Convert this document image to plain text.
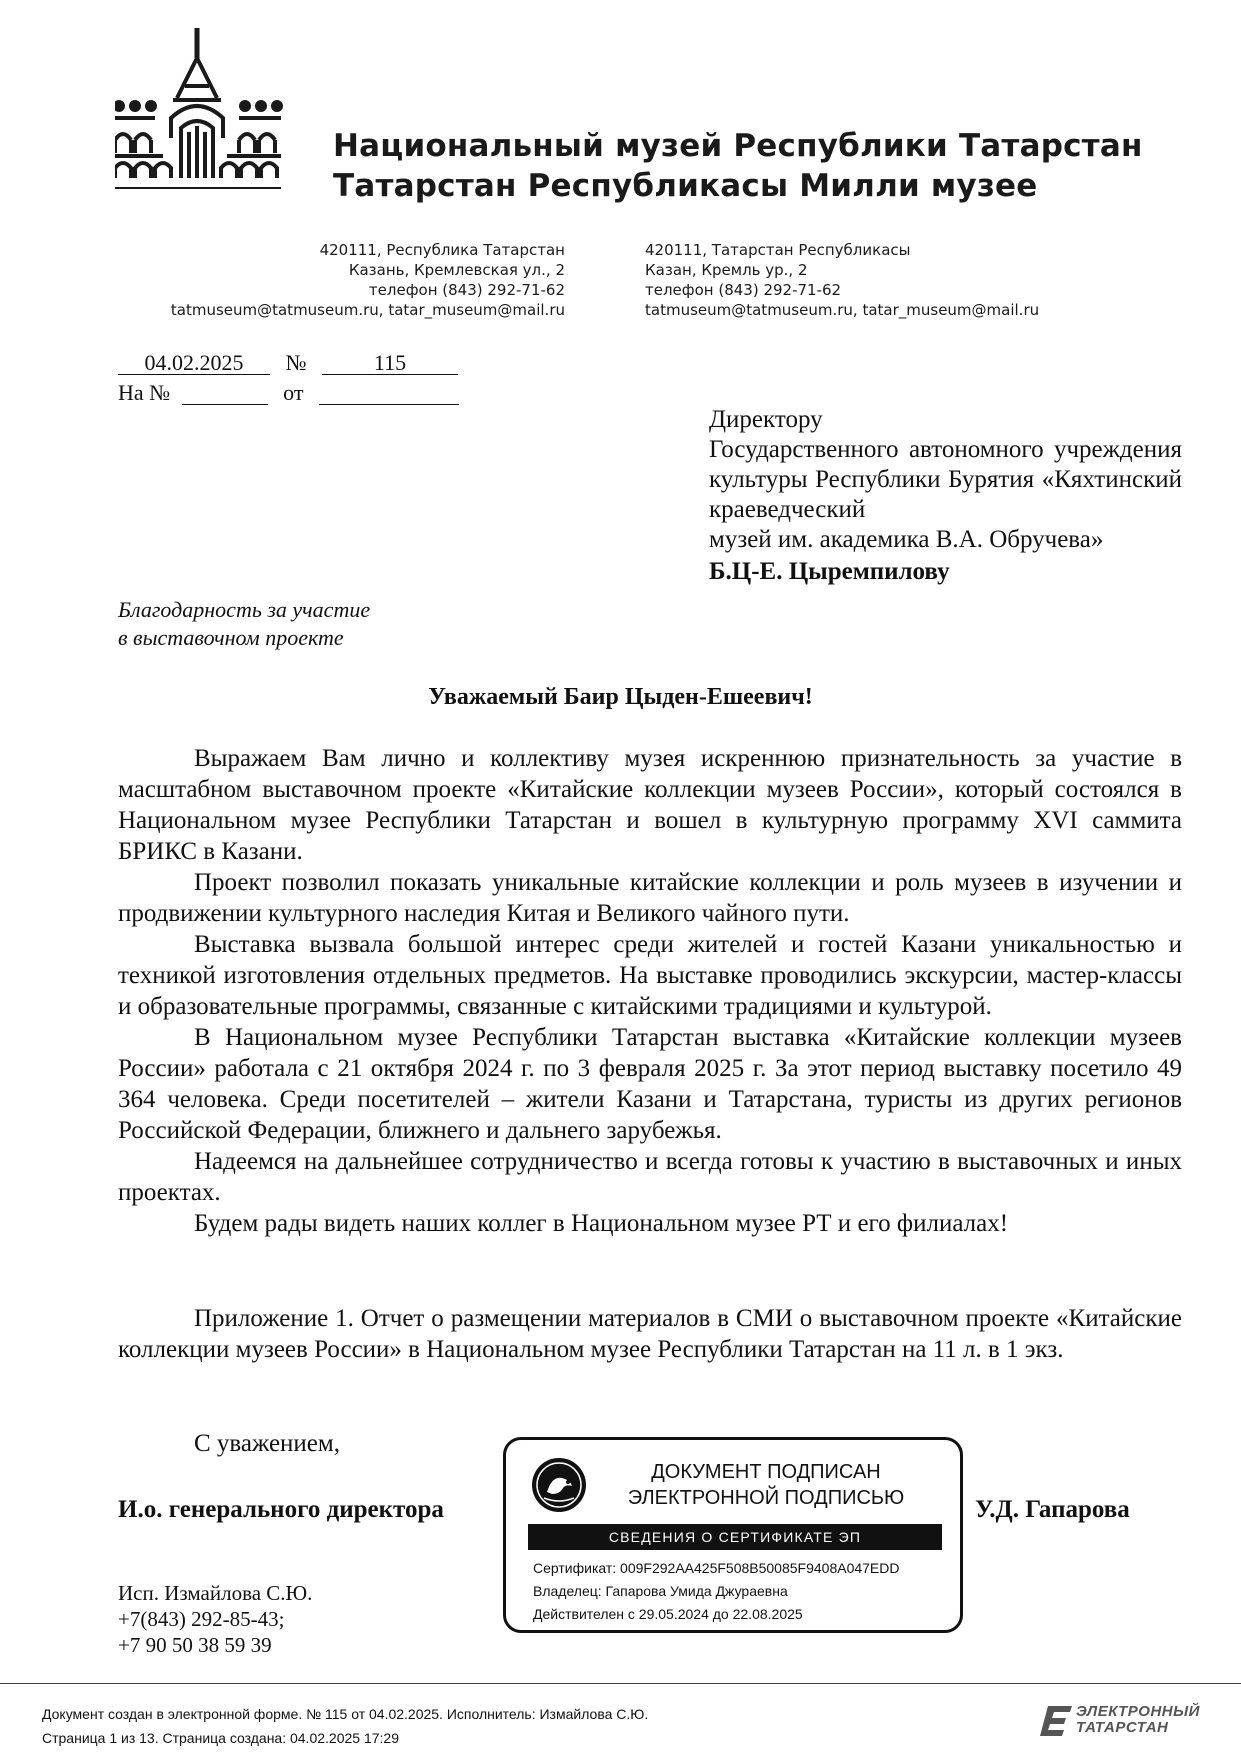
Национальный музей Республики Татарстан
Татарстан Республикасы Милли музее
420111, Республика Татарстан
Казань, Кремлевская ул., 2
телефон (843) 292-71-62
tatmuseum@tatmuseum.ru, tatar_museum@mail.ru
420111, Татарстан Республикасы
Казан, Кремль ур., 2
телефон (843) 292-71-62
tatmuseum@tatmuseum.ru, tatar_museum@mail.ru
04.02.2025 №	115
На №	от
Директору
Государственного автономного учреждения культуры Республики Бурятия «Кяхтинский краеведческий
музей им. академика В.А. Обручева»
Б.Ц-Е. Цыремпилову
Благодарность за участие
в выставочном проекте
Уважаемый Баир Цыден-Ешеевич!

Выражаем Вам лично и коллективу музея искреннюю признательность за участие в масштабном выставочном проекте «Китайские коллекции музеев России», который состоялся в Национальном музее Республики Татарстан и вошел в культурную программу XVI саммита БРИКС в Казани.

Проект позволил показать уникальные китайские коллекции и роль музеев в изучении и продвижении культурного наследия Китая и Великого чайного пути.

Выставка вызвала большой интерес среди жителей и гостей Казани уникальностью и техникой изготовления отдельных предметов. На выставке проводились экскурсии, мастер-классы и образовательные программы, связанные с китайскими традициями и культурой.

В Национальном музее Республики Татарстан выставка «Китайские коллекции музеев России» работала с 21 октября 2024 г. по 3 февраля 2025 г. За этот период выставку посетило 49 364 человека. Среди посетителей – жители Казани и Татарстана, туристы из других регионов Российской Федерации, ближнего и дальнего зарубежья.

Надеемся на дальнейшее сотрудничество и всегда готовы к участию в выставочных и иных проектах.

Будем рады видеть наших коллег в Национальном музее РТ и его филиалах!

Приложение 1. Отчет о размещении материалов в СМИ о выставочном проекте «Китайские коллекции музеев России» в Национальном музее Республики Татарстан на 11 л. в 1 экз.

С уважением,
И.о. генерального директора	У.Д. Гапарова
ДОКУМЕНТ ПОДПИСАН
ЭЛЕКТРОННОЙ ПОДПИСЬЮ
СВЕДЕНИЯ О СЕРТИФИКАТЕ ЭП
Сертификат: 009F292AA425F508B50085F9408A047EDD
Владелец: Гапарова Умида Джураевна
Действителен с 29.05.2024 до 22.08.2025
Исп. Измайлова С.Ю.
+7(843) 292-85-43;
+7 90 50 38 59 39
Документ создан в электронной форме. № 115 от 04.02.2025. Исполнитель: Измайлова С.Ю.
Страница 1 из 13. Страница создана: 04.02.2025 17:29
ЭЛЕКТРОННЫЙ
ТАТАРСТАН
